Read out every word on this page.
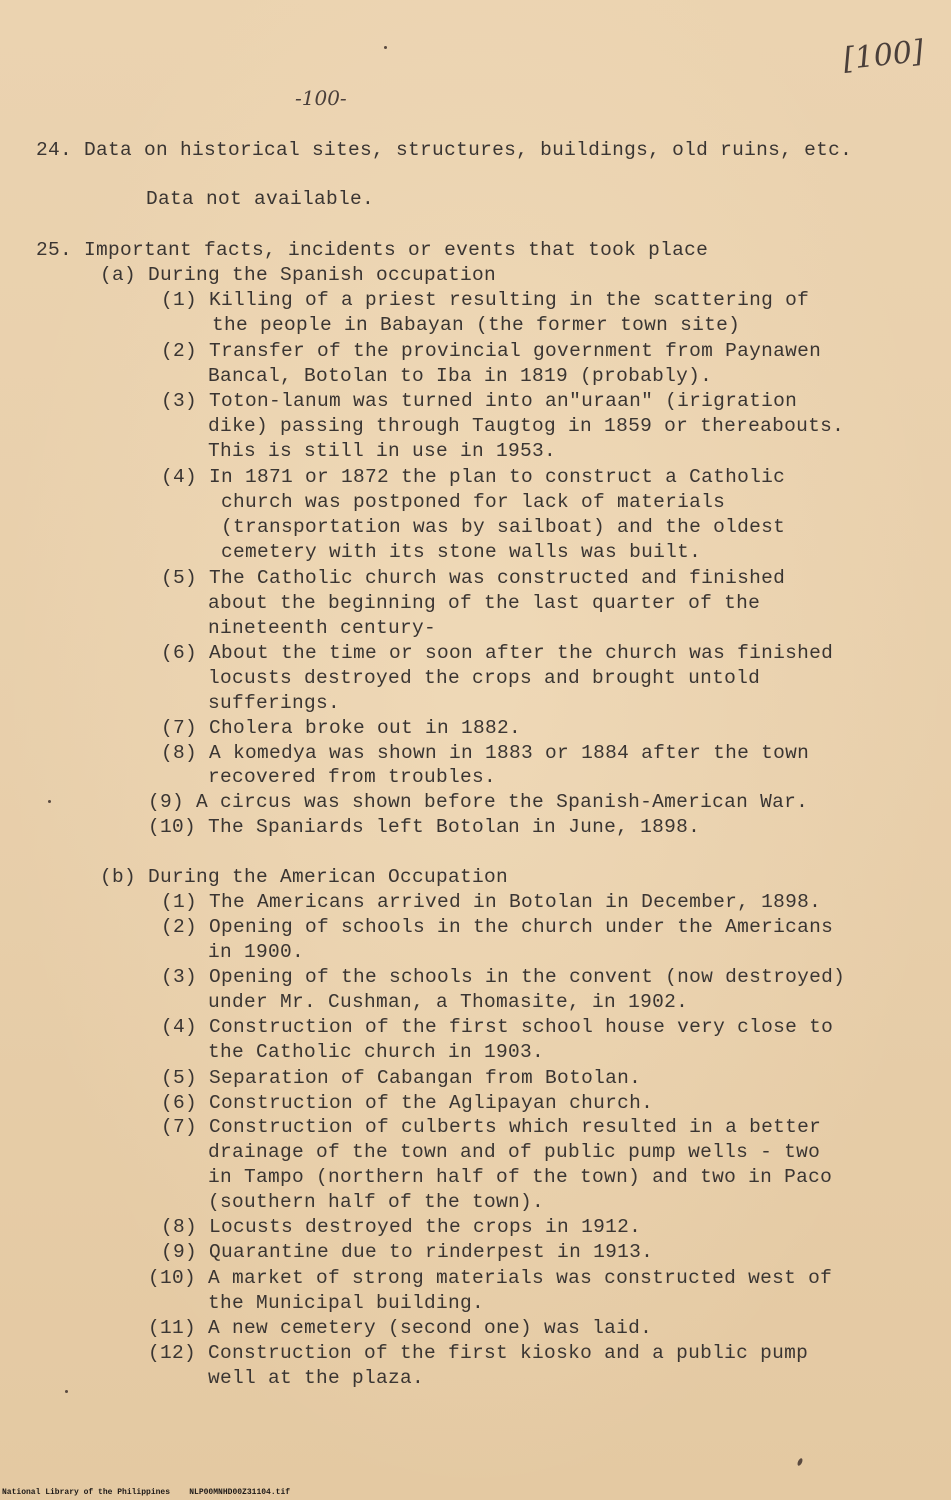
[100]
-100-
24. Data on historical sites, structures, buildings, old ruins, etc.
Data not available.
25. Important facts, incidents or events that took place
(a) During the Spanish occupation
(1) Killing of a priest resulting in the scattering of
the people in Babayan (the former town site)
(2) Transfer of the provincial government from Paynawen
Bancal, Botolan to Iba in 1819 (probably).
(3) Toton-lanum was turned into an"uraan" (irigration
dike) passing through Taugtog in 1859 or thereabouts.
This is still in use in 1953.
(4) In 1871 or 1872 the plan to construct a Catholic
church was postponed for lack of materials
(transportation was by sailboat) and the oldest
cemetery with its stone walls was built.
(5) The Catholic church was constructed and finished
about the beginning of the last quarter of the
nineteenth century-
(6) About the time or soon after the church was finished
locusts destroyed the crops and brought untold
sufferings.
(7) Cholera broke out in 1882.
(8) A komedya was shown in 1883 or 1884 after the town
recovered from troubles.
(9) A circus was shown before the Spanish-American War.
(10) The Spaniards left Botolan in June, 1898.
(b) During the American Occupation
(1) The Americans arrived in Botolan in December, 1898.
(2) Opening of schools in the church under the Americans
in 1900.
(3) Opening of the schools in the convent (now destroyed)
under Mr. Cushman, a Thomasite, in 1902.
(4) Construction of the first school house very close to
the Catholic church in 1903.
(5) Separation of Cabangan from Botolan.
(6) Construction of the Aglipayan church.
(7) Construction of culberts which resulted in a better
drainage of the town and of public pump wells - two
in Tampo (northern half of the town) and two in Paco
(southern half of the town).
(8) Locusts destroyed the crops in 1912.
(9) Quarantine due to rinderpest in 1913.
(10) A market of strong materials was constructed west of
the Municipal building.
(11) A new cemetery (second one) was laid.
(12) Construction of the first kiosko and a public pump
well at the plaza.
National Library of the Philippines    NLP00MNHD00Z31104.tif
